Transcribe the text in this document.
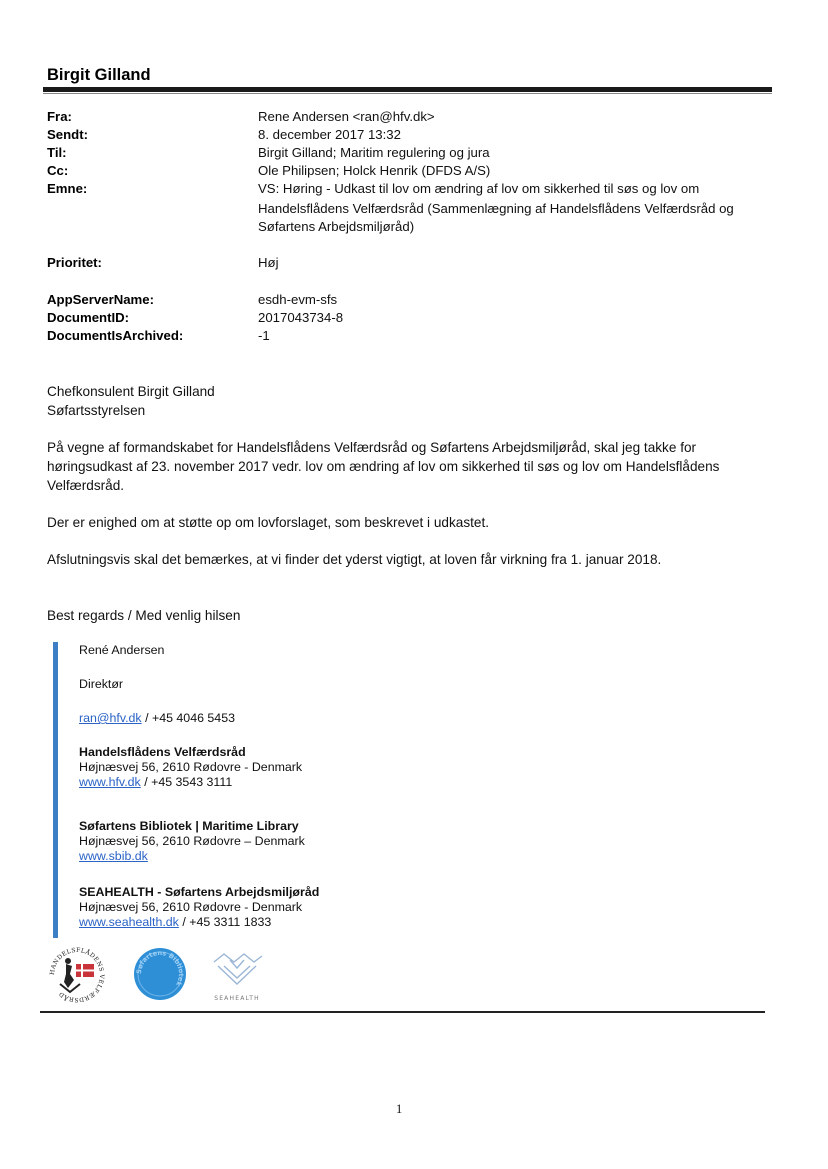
Birgit Gilland
Fra:	Rene Andersen <ran@hfv.dk>
Sendt:	8. december 2017 13:32
Til:	Birgit Gilland; Maritim regulering og jura
Cc:	Ole Philipsen; Holck Henrik (DFDS A/S)
Emne:	VS: Høring - Udkast til lov om ændring af lov om sikkerhed til søs og lov om
Handelsflådens Velfærdsråd (Sammenlægning af Handelsflådens Velfærdsråd og
Søfartens Arbejdsmiljøråd)
Prioritet:	Høj
AppServerName:	esdh-evm-sfs
DocumentID:	2017043734-8
DocumentIsArchived:	-1

Chefkonsulent Birgit Gilland

Søfartsstyrelsen

På vegne af formandskabet for Handelsflådens Velfærdsråd og Søfartens Arbejdsmiljøråd, skal jeg takke for

høringsudkast af 23. november 2017 vedr. lov om ændring af lov om sikkerhed til søs og lov om Handelsflådens

Velfærdsråd.

Der er enighed om at støtte op om lovforslaget, som beskrevet i udkastet.

Afslutningsvis skal det bemærkes, at vi finder det yderst vigtigt, at loven får virkning fra 1. januar 2018.

Best regards / Med venlig hilsen

René Andersen
Direktør
ran@hfv.dk / +45 4046 5453
Handelsflådens Velfærdsråd
Højnæsvej 56, 2610 Rødovre - Denmark
www.hfv.dk / +45 3543 3111
Søfartens Bibliotek | Maritime Library
Højnæsvej 56, 2610 Rødovre – Denmark
www.sbib.dk
SEAHEALTH - Søfartens Arbejdsmiljøråd
Højnæsvej 56, 2610 Rødovre - Denmark
www.seahealth.dk / +45 3311 1833
HANDELSFLÅDENS VELFÆRDSRÅD
Søfartens Bibliotek
SEAHEALTH
1
